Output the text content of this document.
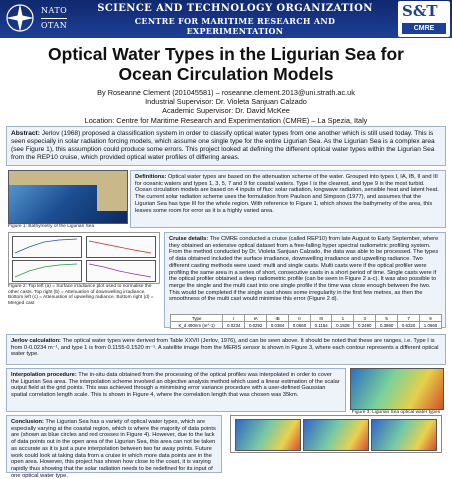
NATO
OTAN
SCIENCE AND TECHNOLOGY ORGANIZATION
CENTRE FOR MARITIME RESEARCH AND EXPERIMENTATION
S&T
CMRE
Optical Water Types in the Ligurian Sea for
Ocean Circulation Models
By Roseanne Clement (201045581) – roseanne.clement.2013@uni.strath.ac.uk
Industrial Supervisor: Dr. Violeta Sanjuan Calzado
Academic Supervisor: Dr. David McKee
Location: Centre for Maritime Research and Experimentation (CMRE) – La Spezia, Italy
Abstract: Jerlov (1968) proposed a classification system in order to classify optical water types from one another which is still used today. This is seen especially in solar radiation forcing models, which assume one single type for the entire Ligurian Sea. As the Ligurian Sea is a complex area (see Figure 1), this assumption could produce some errors. This project looked at defining the different optical water types within the Ligurian Sea from the REP10 cruise, which provided optical water profiles of differing areas.
Figure 1: Bathymetry of the Ligurian Sea
Definitions: Optical water types are based on the attenuation scheme of the water. Grouped into types I, IA, IB, II and III for oceanic waters and types 1, 3, 5, 7 and 9 for coastal waters. Type I is the clearest, and type 9 is the most turbid. Ocean circulation models are based on 4 inputs of flux: solar radiation, longwave radiation, sensible heat and latent heat. The current solar radiation scheme uses the formulation from Paulson and Simpson (1977), and assumes that the Ligurian Sea has type III for the whole region. With reference to Figure 1, which shows the bathymetry of the area, this leaves some room for error as it is a highly varied area.
Figure 2: Top left (a) = Surface irradiance plot used to normalise the other casts. Top right (b) = Attenuation of downwelling irradiance. Bottom left (c) = Attenuation of upwelling radiance. Bottom right (d) = Merged cast
Cruise details: The CMRE conducted a cruise (called REP10) from late August to Early September, where they obtained an extensive optical dataset from a free-falling hyper spectral radiometric profiling system. From the method conducted by Dr. Violeta Sanjuan Calzado, the data was able to be processed. The types of data obtained included the surface irradiance, downwelling irradiance and upwelling radiance. Two different casting methods were used: multi and single casts. Multi casts were if the optical profiler were profiling the same area in a series of short, consecutive casts in a short period of time. Single casts were if the optical profiler obtained a deep radiometric profile (can be seen in Figure 2 a-c). It was also possible to merge the single and the multi cast into one single profile if the time was close enough between the two. This would be completed if the single cast shows some irregularity in the first few metres, as then the smoothness of the multi cast would minimise this error (Figure 2 d).
Type	I	IA	IB	II	III	1	3	5	7	9
K_d 490nm (m^-1)	0.0234	0.0292	0.0384	0.0660	0.1154	0.1528	0.2490	0.3860	0.6320	1.0660
Jerlov calculation: The optical water types were derived from Table XXVII (Jerlov, 1976), and can be seen above. It should be noted that these are ranges, i.e. Type I is from 0-0.0234 m⁻¹, and type 1 is from 0.1155-0.1520 m⁻¹. A satellite image from the MERIS sensor is shown in Figure 3, where each contour represents a different optical water type.
Interpolation procedure: The in-situ data obtained from the processing of the optical profiles was interpolated in order to cover the Ligurian Sea area. The interpolation scheme involved an objective analysis method which used a linear estimation of the scalar output field at the grid points. This was achieved through a minimising error variance procedure with a user-defined Gaussian spatial correlation length scale. This is shown in Figure 4, where the correlation length that was chosen was 35km.
Figure 3: Ligurian Sea optical water types
Conclusion: The Ligurian Sea has a variety of optical water types, which are especially varying at the coastal region, which is where the majority of data points are (shown as blue circles and red crosses in Figure 4). However, due to the lack of data points out in the open area of the Ligurian Sea, this area can not be taken as accurate as it is just a pure interpolation between two far away points. Future work could look at taking data from a cruise in which more data points are in the open area. However, this project has shown how close to the coast, it is varying rapidly thus showing that the solar radiation needs to be redefined for its input of one optical water type.
